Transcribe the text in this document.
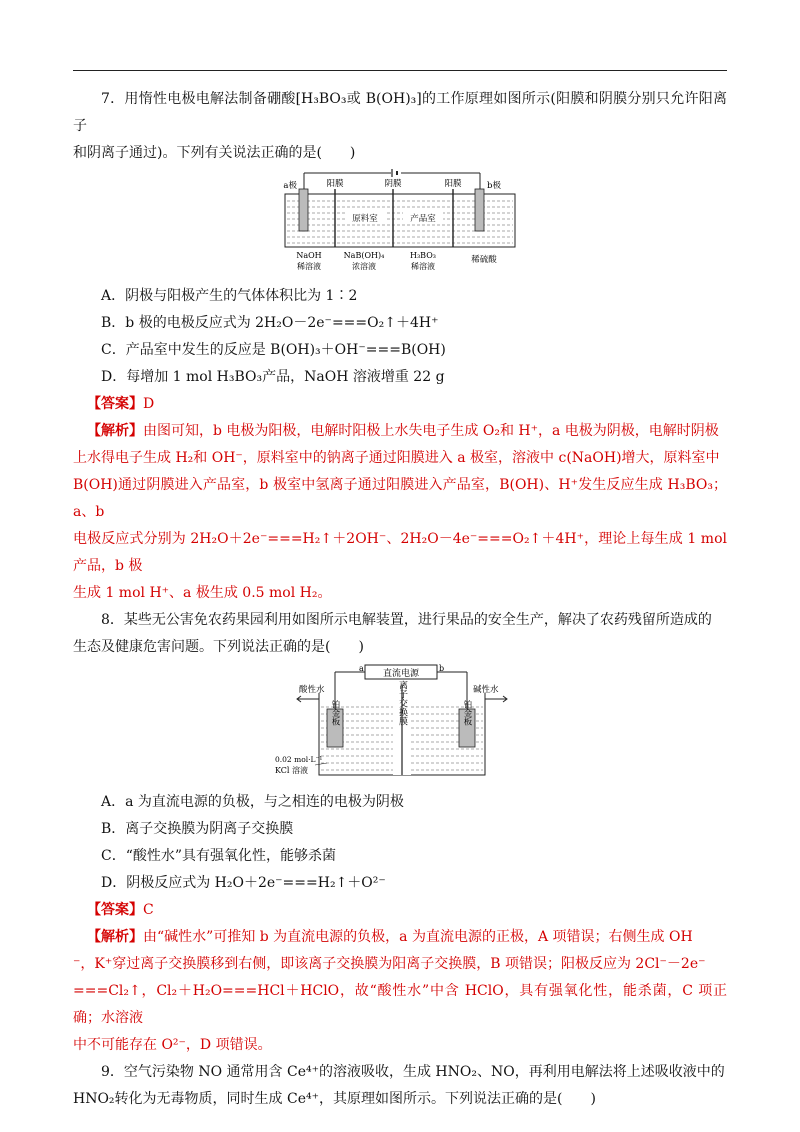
7．用惰性电极电解法制备硼酸[H₃BO₃或 B(OH)₃]的工作原理如图所示(阳膜和阴膜分别只允许阳离子

和阴离子通过)。下列有关说法正确的是(　　)

a极	b极
阳膜	阴膜	阳膜
原料室	产品室
NaOH
稀溶液
NaB(OH)₄
浓溶液
H₃BO₃
稀溶液
稀硫酸

A．阴极与阳极产生的气体体积比为 1∶2

B．b 极的电极反应式为 2H₂O－2e⁻===O₂↑＋4H⁺

C．产品室中发生的反应是 B(OH)₃＋OH⁻===B(OH)

D．每增加 1 mol H₃BO₃产品，NaOH 溶液增重 22 g

【答案】D

【解析】由图可知，b 电极为阳极，电解时阳极上水失电子生成 O₂和 H⁺，a 电极为阴极，电解时阴极

上水得电子生成 H₂和 OH⁻，原料室中的钠离子通过阳膜进入 a 极室，溶液中 c(NaOH)增大，原料室中

B(OH)通过阴膜进入产品室，b 极室中氢离子通过阳膜进入产品室，B(OH)、H⁺发生反应生成 H₃BO₃；a、b

电极反应式分别为 2H₂O＋2e⁻===H₂↑＋2OH⁻、2H₂O－4e⁻===O₂↑＋4H⁺，理论上每生成 1 mol 产品，b 极

生成 1 mol H⁺、a 极生成 0.5 mol H₂。

8．某些无公害免农药果园利用如图所示电解装置，进行果品的安全生产，解决了农药残留所造成的

生态及健康危害问题。下列说法正确的是(　　)

直流电源
a	b
酸性水	碱性水
离子交换膜
铂金板	铂金板
0.02 mol·L⁻¹
KCl 溶液

A．a 为直流电源的负极，与之相连的电极为阴极

B．离子交换膜为阴离子交换膜

C．“酸性水”具有强氧化性，能够杀菌

D．阴极反应式为 H₂O＋2e⁻===H₂↑＋O²⁻

【答案】C

【解析】由“碱性水”可推知 b 为直流电源的负极，a 为直流电源的正极，A 项错误；右侧生成 OH

⁻，K⁺穿过离子交换膜移到右侧，即该离子交换膜为阳离子交换膜，B 项错误；阳极反应为 2Cl⁻－2e⁻

===Cl₂↑，Cl₂＋H₂O===HCl＋HClO，故“酸性水”中含 HClO，具有强氧化性，能杀菌，C 项正确；水溶液

中不可能存在 O²⁻，D 项错误。

9．空气污染物 NO 通常用含 Ce⁴⁺的溶液吸收，生成 HNO₂、NO，再利用电解法将上述吸收液中的

HNO₂转化为无毒物质，同时生成 Ce⁴⁺，其原理如图所示。下列说法正确的是(　　)
